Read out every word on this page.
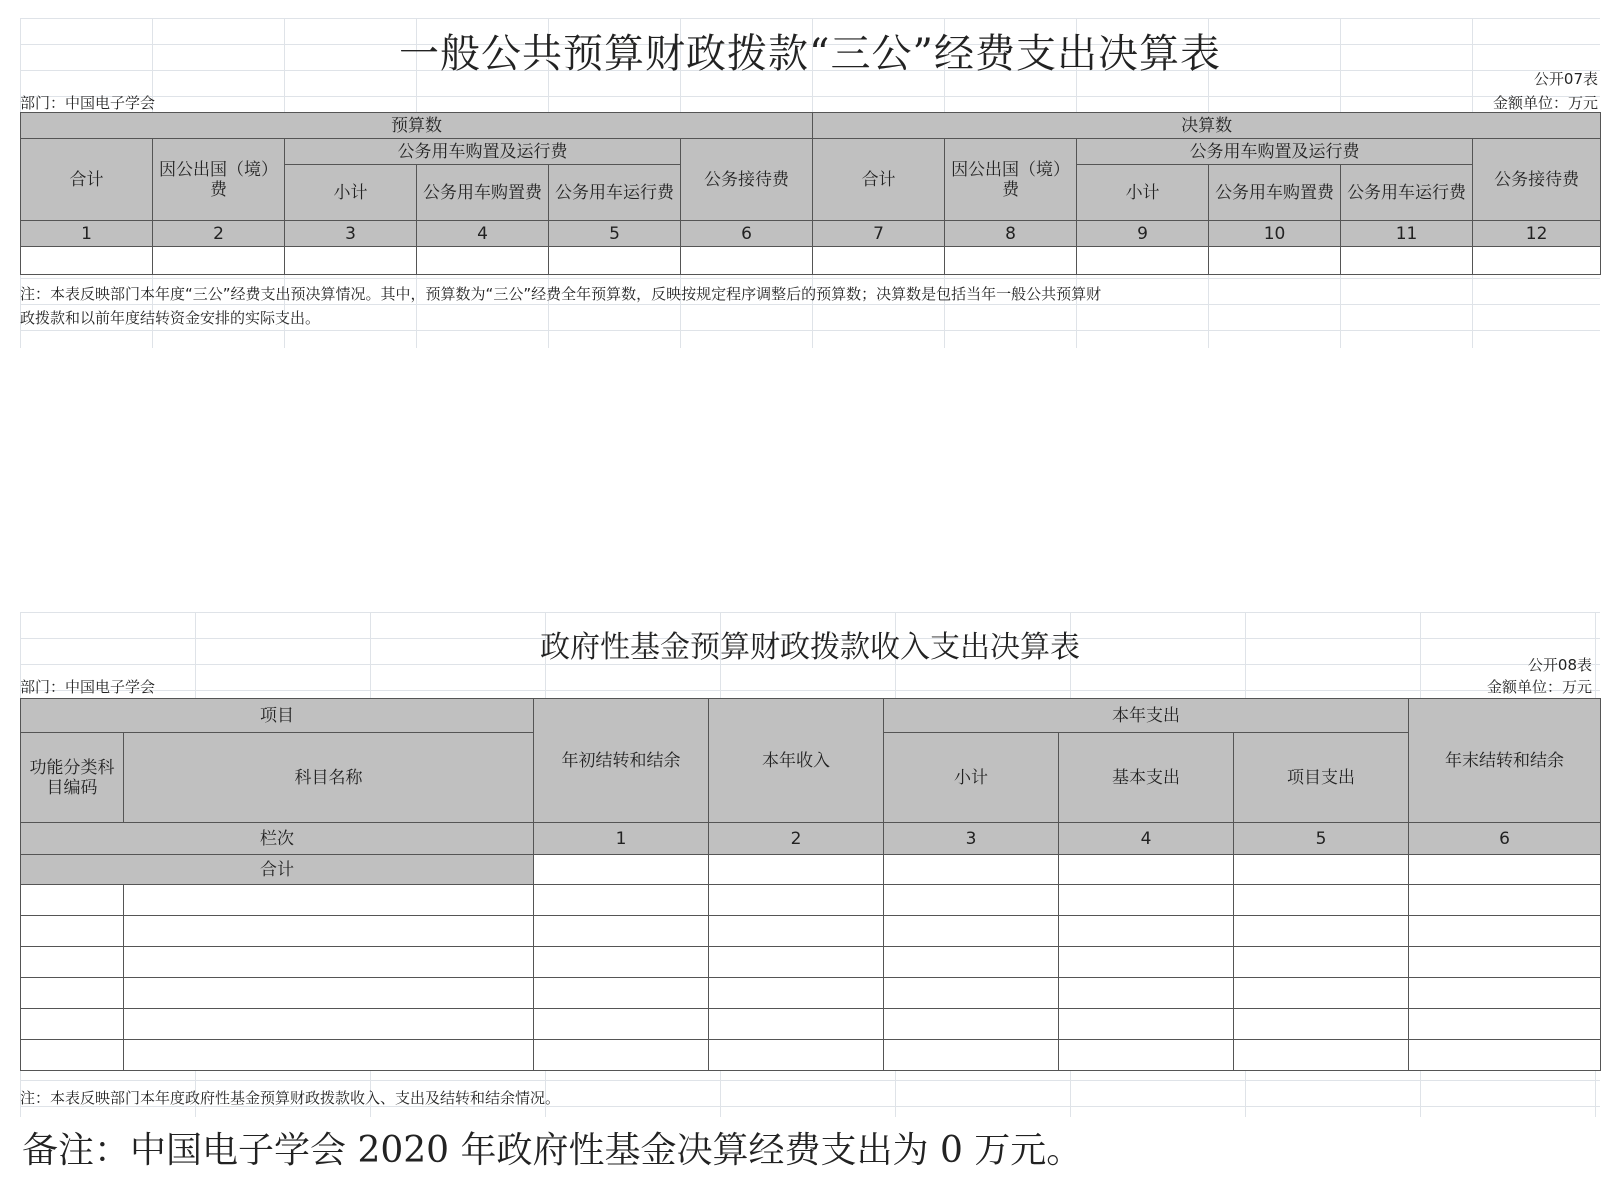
一般公共预算财政拨款“三公”经费支出决算表
公开07表
部门：中国电子学会	金额单位：万元
预算数						决算数					
合计	因公出国（境）费	公务用车购置及运行费			公务接待费	合计	因公出国（境）费	公务用车购置及运行费			公务接待费
		小计	公务用车购置费	公务用车运行费				小计	公务用车购置费	公务用车运行费	
1	2	3	4	5	6	7	8	9	10	11	12

注：本表反映部门本年度“三公”经费支出预决算情况。其中，预算数为“三公”经费全年预算数，反映按规定程序调整后的预算数；决算数是包括当年一般公共预算财
政拨款和以前年度结转资金安排的实际支出。
政府性基金预算财政拨款收入支出决算表	公开08表
部门：中国电子学会	金额单位：万元
项目		年初结转和结余	本年收入	本年支出			年末结转和结余
功能分类科目编码	科目名称			小计	基本支出	项目支出	
栏次		1	2	3	4	5	6
合计							

注：本表反映部门本年度政府性基金预算财政拨款收入、支出及结转和结余情况。
备注：中国电子学会 2020 年政府性基金决算经费支出为 0 万元。
